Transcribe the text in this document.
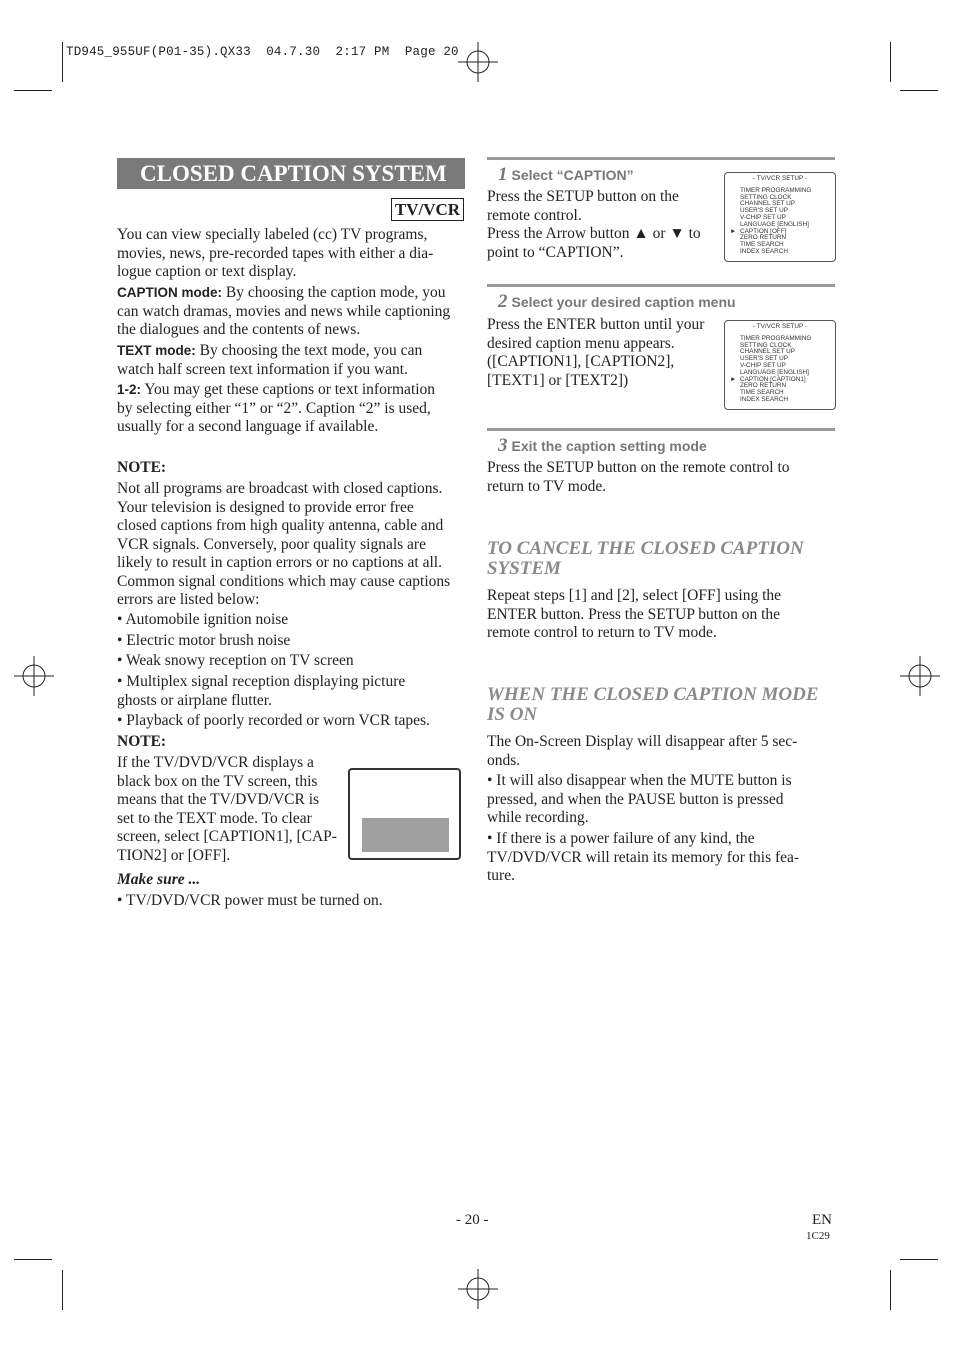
TD945_955UF(P01-35).QX33  04.7.30  2:17 PM  Page 20
CLOSED CAPTION SYSTEM
TV/VCR
You can view specially labeled (cc) TV programs,
movies, news, pre-recorded tapes with either a dia-
logue caption or text display.
CAPTION mode: By choosing the caption mode, you
can watch dramas, movies and news while captioning
the dialogues and the contents of news.
TEXT mode: By choosing the text mode, you can
watch half screen text information if you want.
1-2: You may get these captions or text information
by selecting either “1” or “2”. Caption “2” is used,
usually for a second language if available.
NOTE:
Not all programs are broadcast with closed captions.
Your television is designed to provide error free
closed captions from high quality antenna, cable and
VCR signals. Conversely, poor quality signals are
likely to result in caption errors or no captions at all.
Common signal conditions which may cause captions
errors are listed below:
• Automobile ignition noise
• Electric motor brush noise
• Weak snowy reception on TV screen
• Multiplex signal reception displaying picture
ghosts or airplane flutter.
• Playback of poorly recorded or worn VCR tapes.
NOTE:
If the TV/DVD/VCR displays a
black box on the TV screen, this
means that the TV/DVD/VCR is
set to the TEXT mode. To clear
screen, select [CAPTION1], [CAP-
TION2] or [OFF].
Make sure ...
• TV/DVD/VCR power must be turned on.
1 Select “CAPTION”
Press the SETUP button on the
remote control.
Press the Arrow button ▲ or ▼ to
point to “CAPTION”.
- TV/VCR SETUP -
TIMER PROGRAMMING
SETTING CLOCK
CHANNEL SET UP
USER'S SET UP
V-CHIP SET UP
LANGUAGE [ENGLISH]
► CAPTION [OFF]
ZERO RETURN
TIME SEARCH
INDEX SEARCH
2 Select your desired caption menu
Press the ENTER button until your
desired caption menu appears.
([CAPTION1], [CAPTION2],
[TEXT1] or [TEXT2])
- TV/VCR SETUP -
TIMER PROGRAMMING
SETTING CLOCK
CHANNEL SET UP
USER'S SET UP
V-CHIP SET UP
LANGUAGE [ENGLISH]
► CAPTION [CAPTION1]
ZERO RETURN
TIME SEARCH
INDEX SEARCH
3 Exit the caption setting mode
Press the SETUP button on the remote control to
return to TV mode.
TO CANCEL THE CLOSED CAPTION
SYSTEM
Repeat steps [1] and [2], select [OFF] using the
ENTER button. Press the SETUP button on the
remote control to return to TV mode.
WHEN THE CLOSED CAPTION MODE
IS ON
The On-Screen Display will disappear after 5 sec-
onds.
• It will also disappear when the MUTE button is
pressed, and when the PAUSE button is pressed
while recording.
• If there is a power failure of any kind, the
TV/DVD/VCR will retain its memory for this fea-
ture.
- 20 -	EN
1C29
